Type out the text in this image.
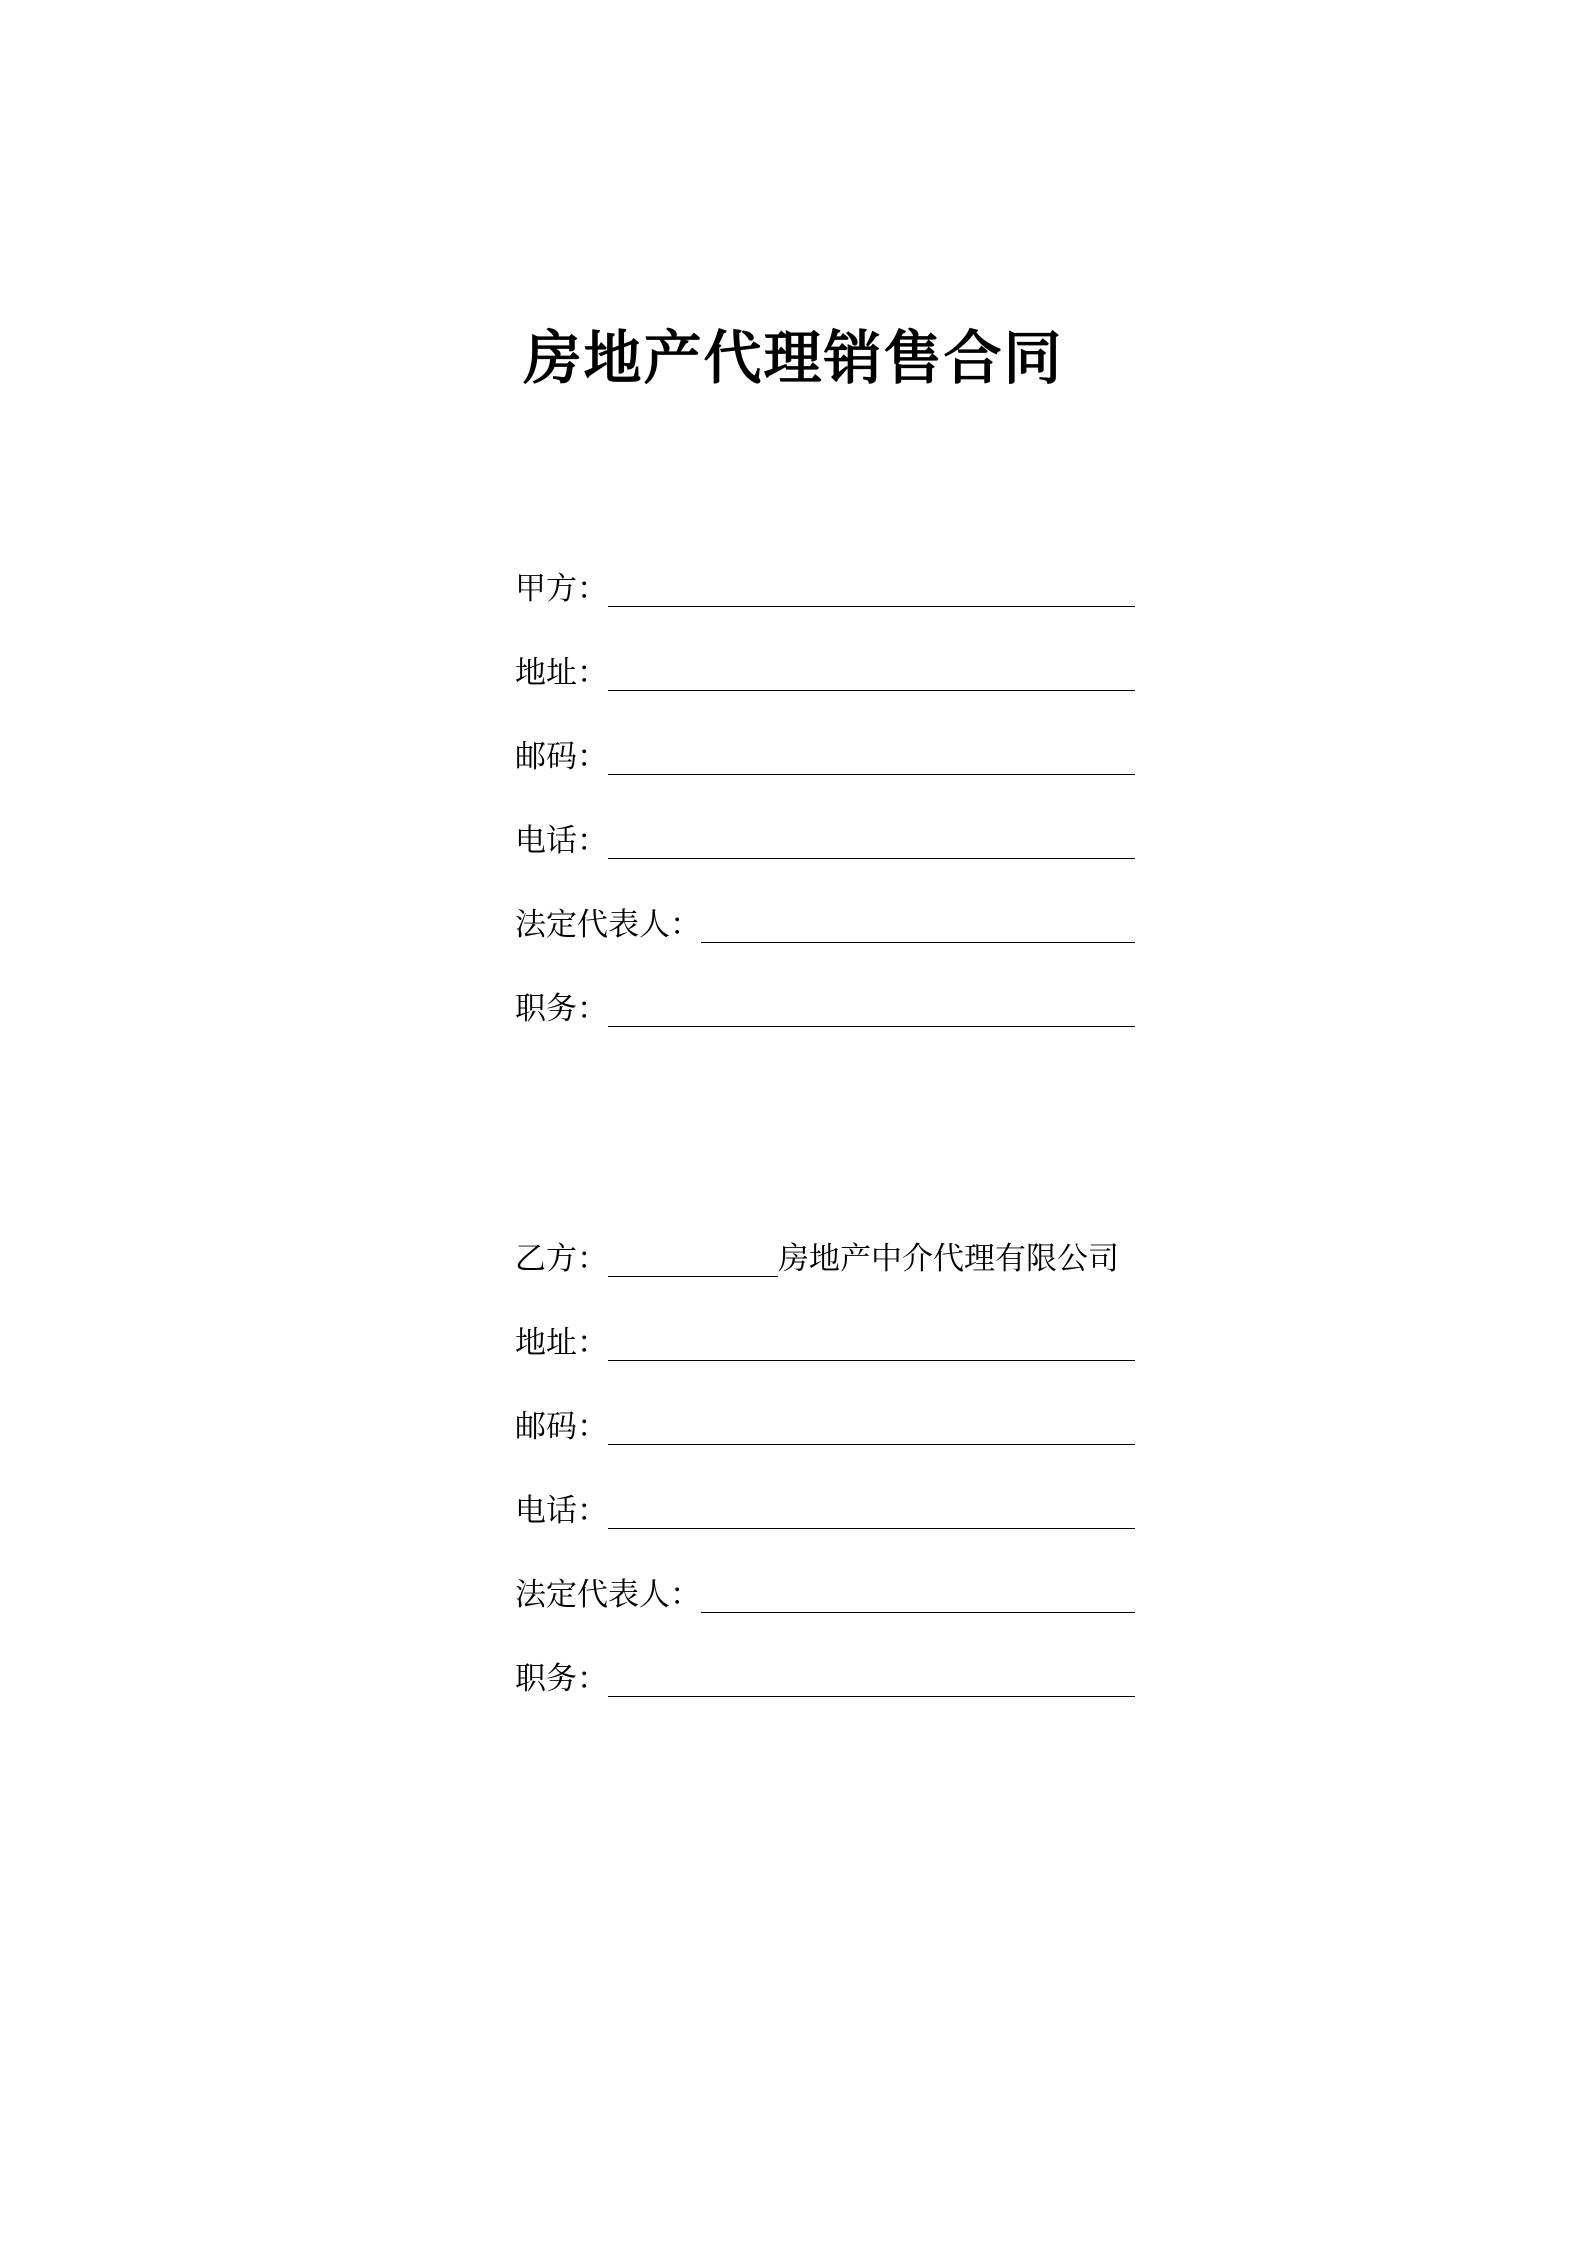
房地产代理销售合同
甲方：
地址：
邮码：
电话：
法定代表人：
职务：
乙方：	房地产中介代理有限公司
地址：
邮码：
电话：
法定代表人：
职务：
